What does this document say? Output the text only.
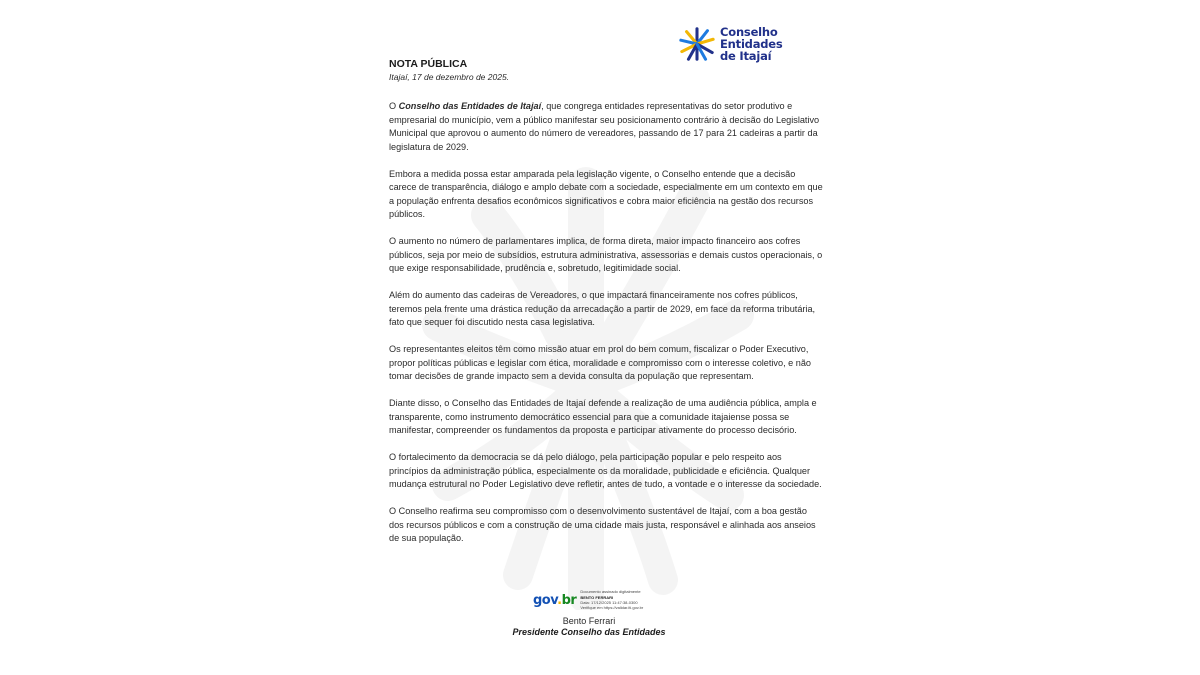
Conselho
Entidades
de Itajaí
NOTA PÚBLICA
Itajaí, 17 de dezembro de 2025.

O Conselho das Entidades de Itajaí, que congrega entidades representativas do setor produtivo e empresarial do município, vem a público manifestar seu posicionamento contrário à decisão do Legislativo Municipal que aprovou o aumento do número de vereadores, passando de 17 para 21 cadeiras a partir da legislatura de 2029.

Embora a medida possa estar amparada pela legislação vigente, o Conselho entende que a decisão carece de transparência, diálogo e amplo debate com a sociedade, especialmente em um contexto em que a população enfrenta desafios econômicos significativos e cobra maior eficiência na gestão dos recursos públicos.

O aumento no número de parlamentares implica, de forma direta, maior impacto financeiro aos cofres públicos, seja por meio de subsídios, estrutura administrativa, assessorias e demais custos operacionais, o que exige responsabilidade, prudência e, sobretudo, legitimidade social.

Além do aumento das cadeiras de Vereadores, o que impactará financeiramente nos cofres públicos, teremos pela frente uma drástica redução da arrecadação a partir de 2029, em face da reforma tributária, fato que sequer foi discutido nesta casa legislativa.

Os representantes eleitos têm como missão atuar em prol do bem comum, fiscalizar o Poder Executivo, propor políticas públicas e legislar com ética, moralidade e compromisso com o interesse coletivo, e não tomar decisões de grande impacto sem a devida consulta da população que representam.

Diante disso, o Conselho das Entidades de Itajaí defende a realização de uma audiência pública, ampla e transparente, como instrumento democrático essencial para que a comunidade itajaiense possa se manifestar, compreender os fundamentos da proposta e participar ativamente do processo decisório.

O fortalecimento da democracia se dá pelo diálogo, pela participação popular e pelo respeito aos princípios da administração pública, especialmente os da moralidade, publicidade e eficiência. Qualquer mudança estrutural no Poder Legislativo deve refletir, antes de tudo, a vontade e o interesse da sociedade.

O Conselho reafirma seu compromisso com o desenvolvimento sustentável de Itajaí, com a boa gestão dos recursos públicos e com a construção de uma cidade mais justa, responsável e alinhada aos anseios de sua população.

gov.br
Documento assinado digitalmente
BENTO FERRARI
Data: 17/12/2025 11:47:38-0300
Verifique em https://validar.iti.gov.br
Bento Ferrari
Presidente Conselho das Entidades
